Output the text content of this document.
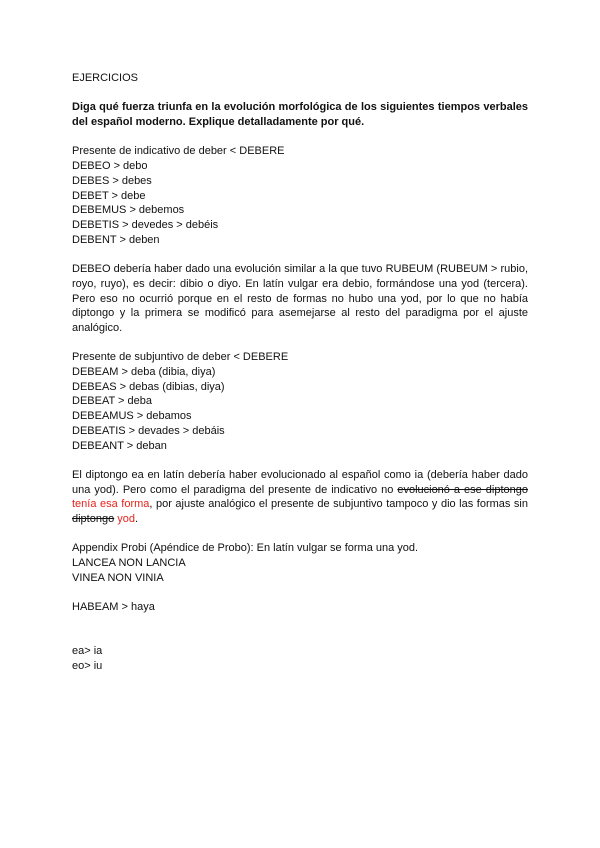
EJERCICIOS

Diga qué fuerza triunfa en la evolución morfológica de los siguientes tiempos verbales del español moderno. Explique detalladamente por qué.

Presente de indicativo de deber < DEBERE

DEBEO > debo

DEBES > debes

DEBET > debe

DEBEMUS > debemos

DEBETIS > devedes > debéis

DEBENT > deben

DEBEO debería haber dado una evolución similar a la que tuvo RUBEUM (RUBEUM > rubio, royo, ruyo), es decir: dibio o diyo. En latín vulgar era debio, formándose una yod (tercera). Pero eso no ocurrió porque en el resto de formas no hubo una yod, por lo que no había diptongo y la primera se modificó para asemejarse al resto del paradigma por el ajuste analógico.

Presente de subjuntivo de deber < DEBERE

DEBEAM > deba (dibia, diya)

DEBEAS > debas (dibias, diya)

DEBEAT > deba

DEBEAMUS > debamos

DEBEATIS > devades > debáis

DEBEANT > deban

El diptongo ea en latín debería haber evolucionado al español como ia (debería haber dado una yod). Pero como el paradigma del presente de indicativo no evolucionó a ese diptongo tenía esa forma, por ajuste analógico el presente de subjuntivo tampoco y dio las formas sin diptongo yod.

Appendix Probi (Apéndice de Probo): En latín vulgar se forma una yod.

LANCEA NON LANCIA

VINEA NON VINIA

HABEAM > haya

ea> ia

eo> iu
